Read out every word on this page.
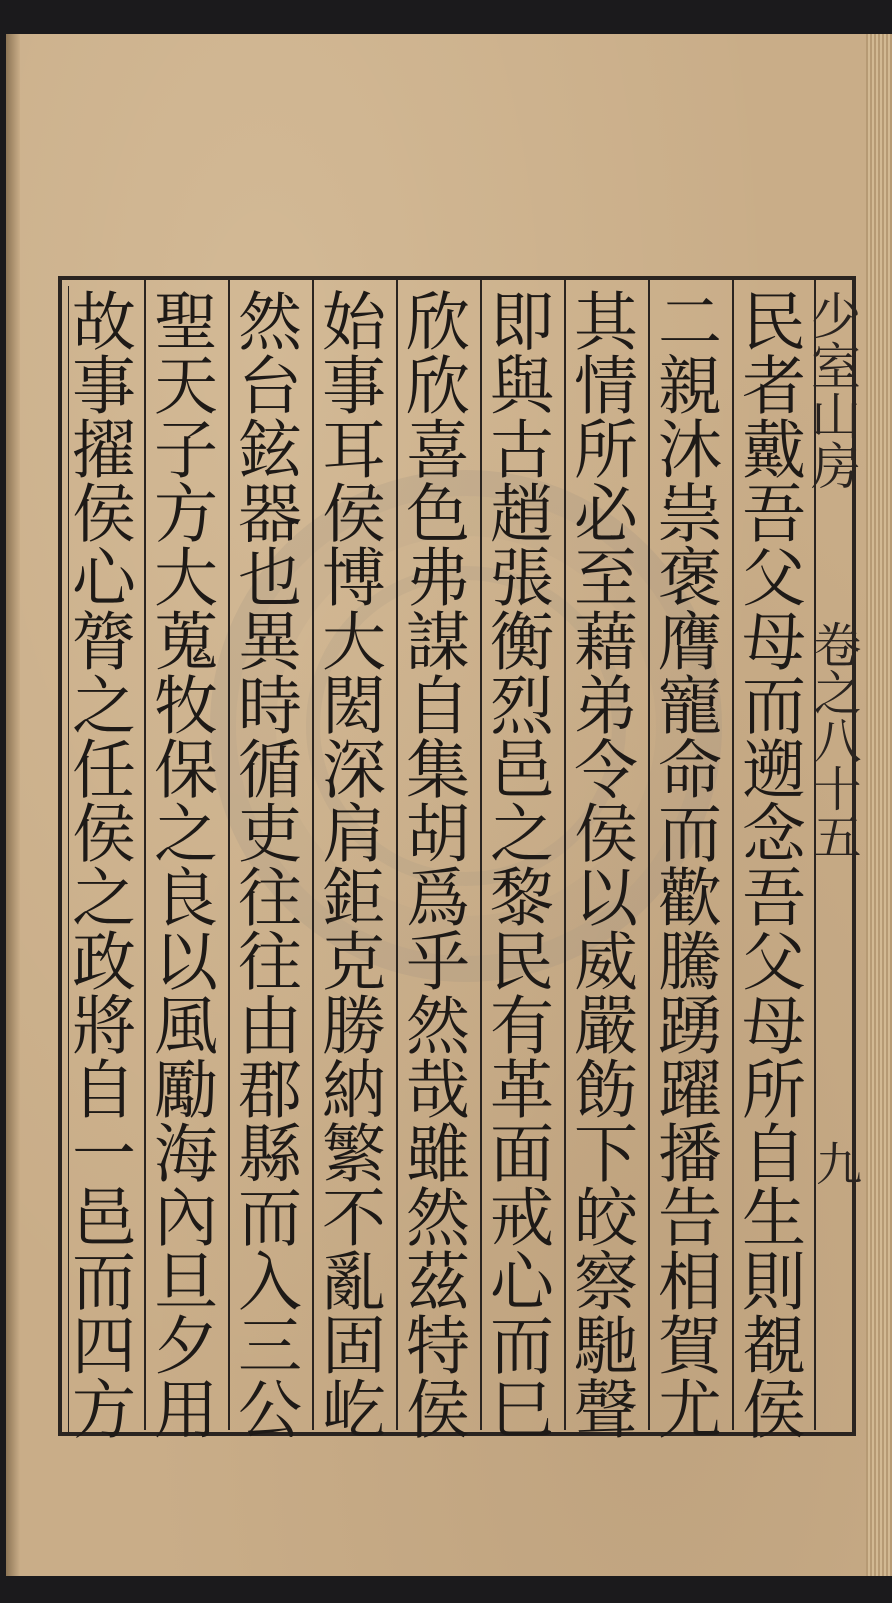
少室山房
卷之八十五
九
民者戴吾父母而遡念吾父母所自生則覩侯
二親沐祟褒膺寵命而歡騰踴躍播告相賀尤
其情所必至藉弟令侯以威嚴飭下皎察馳聲
即與古趙張衡烈邑之黎民有革面戒心而巳
欣欣喜色弗謀自集胡爲乎然哉雖然茲特侯
始事耳侯博大閎深肩鉅克勝納繁不亂固屹
然台鉉器也異時循吏往往由郡縣而入三公
聖天子方大蒐牧保之良以風勵海內旦夕用
故事擢侯心膂之任侯之政將自一邑而四方
